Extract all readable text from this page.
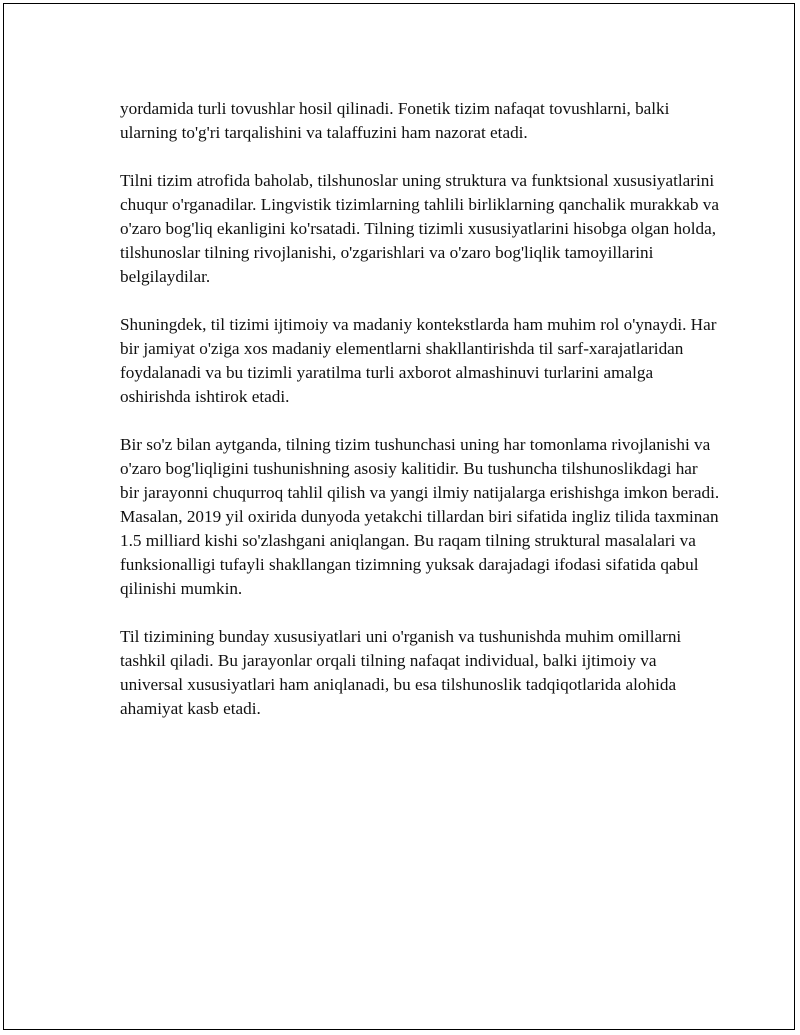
yordamida turli tovushlar hosil qilinadi. Fonetik tizim nafaqat tovushlarni, balki ularning to'g'ri tarqalishini va talaffuzini ham nazorat etadi.

Tilni tizim atrofida baholab, tilshunoslar uning struktura va funktsional xususiyatlarini chuqur o'rganadilar. Lingvistik tizimlarning tahlili birliklarning qanchalik murakkab va o'zaro bog'liq ekanligini ko'rsatadi. Tilning tizimli xususiyatlarini hisobga olgan holda, tilshunoslar tilning rivojlanishi, o'zgarishlari va o'zaro bog'liqlik tamoyillarini belgilaydilar.

Shuningdek, til tizimi ijtimoiy va madaniy kontekstlarda ham muhim rol o'ynaydi. Har bir jamiyat o'ziga xos madaniy elementlarni shakllantirishda til sarf-xarajatlaridan foydalanadi va bu tizimli yaratilma turli axborot almashinuvi turlarini amalga oshirishda ishtirok etadi.

Bir so'z bilan aytganda, tilning tizim tushunchasi uning har tomonlama rivojlanishi va o'zaro bog'liqligini tushunishning asosiy kalitidir. Bu tushuncha tilshunoslikdagi har bir jarayonni chuqurroq tahlil qilish va yangi ilmiy natijalarga erishishga imkon beradi. Masalan, 2019 yil oxirida dunyoda yetakchi tillardan biri sifatida ingliz tilida taxminan 1.5 milliard kishi so'zlashgani aniqlangan. Bu raqam tilning struktural masalalari va funksionalligi tufayli shakllangan tizimning yuksak darajadagi ifodasi sifatida qabul qilinishi mumkin.

Til tizimining bunday xususiyatlari uni o'rganish va tushunishda muhim omillarni tashkil qiladi. Bu jarayonlar orqali tilning nafaqat individual, balki ijtimoiy va universal xususiyatlari ham aniqlanadi, bu esa tilshunoslik tadqiqotlarida alohida ahamiyat kasb etadi.
